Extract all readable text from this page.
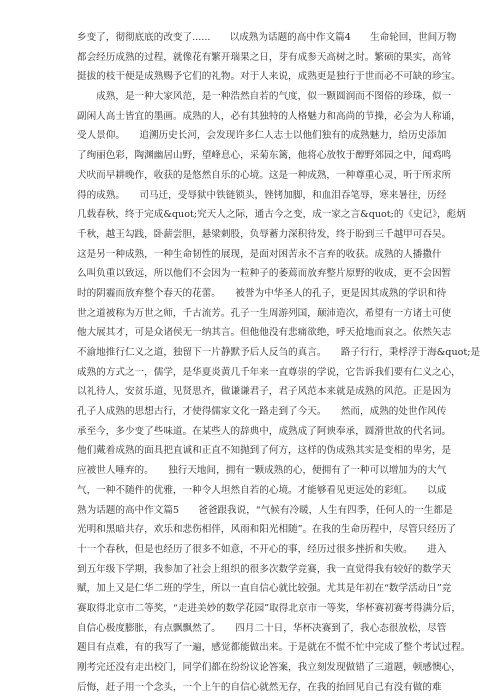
乡变了，彻彻底底的改变了......　　以成熟为话题的高中作文篇4　　生命轮回，世间万物
都会经历成熟的过程，就像花有繁开瑞果之日，芽有成参天高树之时。繁硕的果实，高耸
挺拔的枝干便是成熟赐予它们的礼物。对于人来说，成熟更是独行于世而必不可缺的珍宝。
　　成熟，是一种大家风范，是一种浩然自若的气度，似一颗圆润而不图俗的珍珠，似一
副闲人高士皆宜的墨画。成熟的人，必有其独特的人格魅力和高尚的节操，必会为人称诵，
受人景仰。　　追溯历史长河，会发现许多仁人志士以他们独有的成熟魅力，给历史添加
了绚丽色彩，陶渊幽居山野，望峰息心，采菊东篱，他将心放牧于醇野郊园之中，闻鸡鸣
犬吠而早耕晚作，收获的是悠然自乐的心境。这是一种成熟，一种尊重心灵，听于所求所
得的成熟。　　司马迁，受辱狱中铁链锁头，锉铐加脚，和血泪吞笔辱，寒来暑往，历经
几载春秋，终于完成&quot;究天人之际，通古今之变，成一家之言&quot;的《史记》，彪炳
千秋，越王勾践，卧薪尝胆，悬梁刺股，负辱蓄力深积待发，终于盼到三千越甲可吞吴。
这是另一种成熟，一种生命韧性的展现，是面对困苦永不言弃的收获。成熟的人播撒什
么叫负重以致远，所以他们不会因为一粒种子的萎蔫而放弃整片原野的收成，更不会因暂
时的阴霾而放弃整个春天的花蕾。　　被誉为中华圣人的孔子，更是因其成熟的学识和待
世之道被称为万世之师，千古流芳。孔子一生周游列国，颠沛造次，希望有一方诸土可使
他大展其才，可是众诸侯无一纳其言。但他他没有悲痛欲绝，呼天抢地而哀之。依然矢志
不渝地推行仁义之道，独留下一片静默予后人反刍的真言。　　路子行行，秉桴浮于海&quot;是
成熟的方式之一，儒学，是华夏炎黄几千年来一直尊崇的学说，它告诉我们要有仁义之心，
以礼待人，安贫乐道，见贤思齐，做谦谦君子，君子风范本来就是成熟的风范。正是因为
孔子人成熟的思想古行，才使得儒家文化一路走到了今天。　　然而，成熟的处世作风传
承至今，多少变了些味道。在某些人的辞典中，成熟成了阿谀奉承，圆滑世故的代名词。
他们戴着成熟的面具把直诚和正直不知抛到了何方，这样的伪成熟其实是变相的卑劣，是
应被世人唾弃的。　　独行天地间，拥有一颗成熟的心，便拥有了一种可以增加为的大气
气，一种不随件的优雅，一种令人坦然自若的心境。才能够看见更远处的彩虹。　　以成
熟为话题的高中作文篇5　　爸爸跟我说，“气候有冷暖，人生有四季，任何人的一生都是
光明和黑暗共存，欢乐和悲伤相伴，风雨和阳光相随”。在我的生命历程中，尽管只经历了
十一个春秋，但是也经历了很多不如意，不开心的事，经历过很多挫折和失败。　　进入
到五年级下学期，我参加了社会上组织的很多次数学竞赛，我一直觉得我有较好的数学天
赋，加上又是仁华二班的学生，所以一直自信心就比较强。尤其是年初在“数学活动日”竞
赛取得北京市二等奖，“走进美妙的数学花园”取得北京市一等奖，华杯赛初赛考得满分后，
自信心极度膨胀，有点飘飘然了。　　四月二十日，华杯决赛到了，我心态很放松，尽管
题目有点难，有的我写了一遍，感觉都能做出来。于是就在不慌不忙中完成了整个考试过程。
刚考完还没有走出校门，同学们都在纷纷议论答案，我立刻发现做错了三道题，顿感懊心，
后悔，赶子用一个念头，一个上午的自信心就然无存，在我的抬回见自己有没有做的难
